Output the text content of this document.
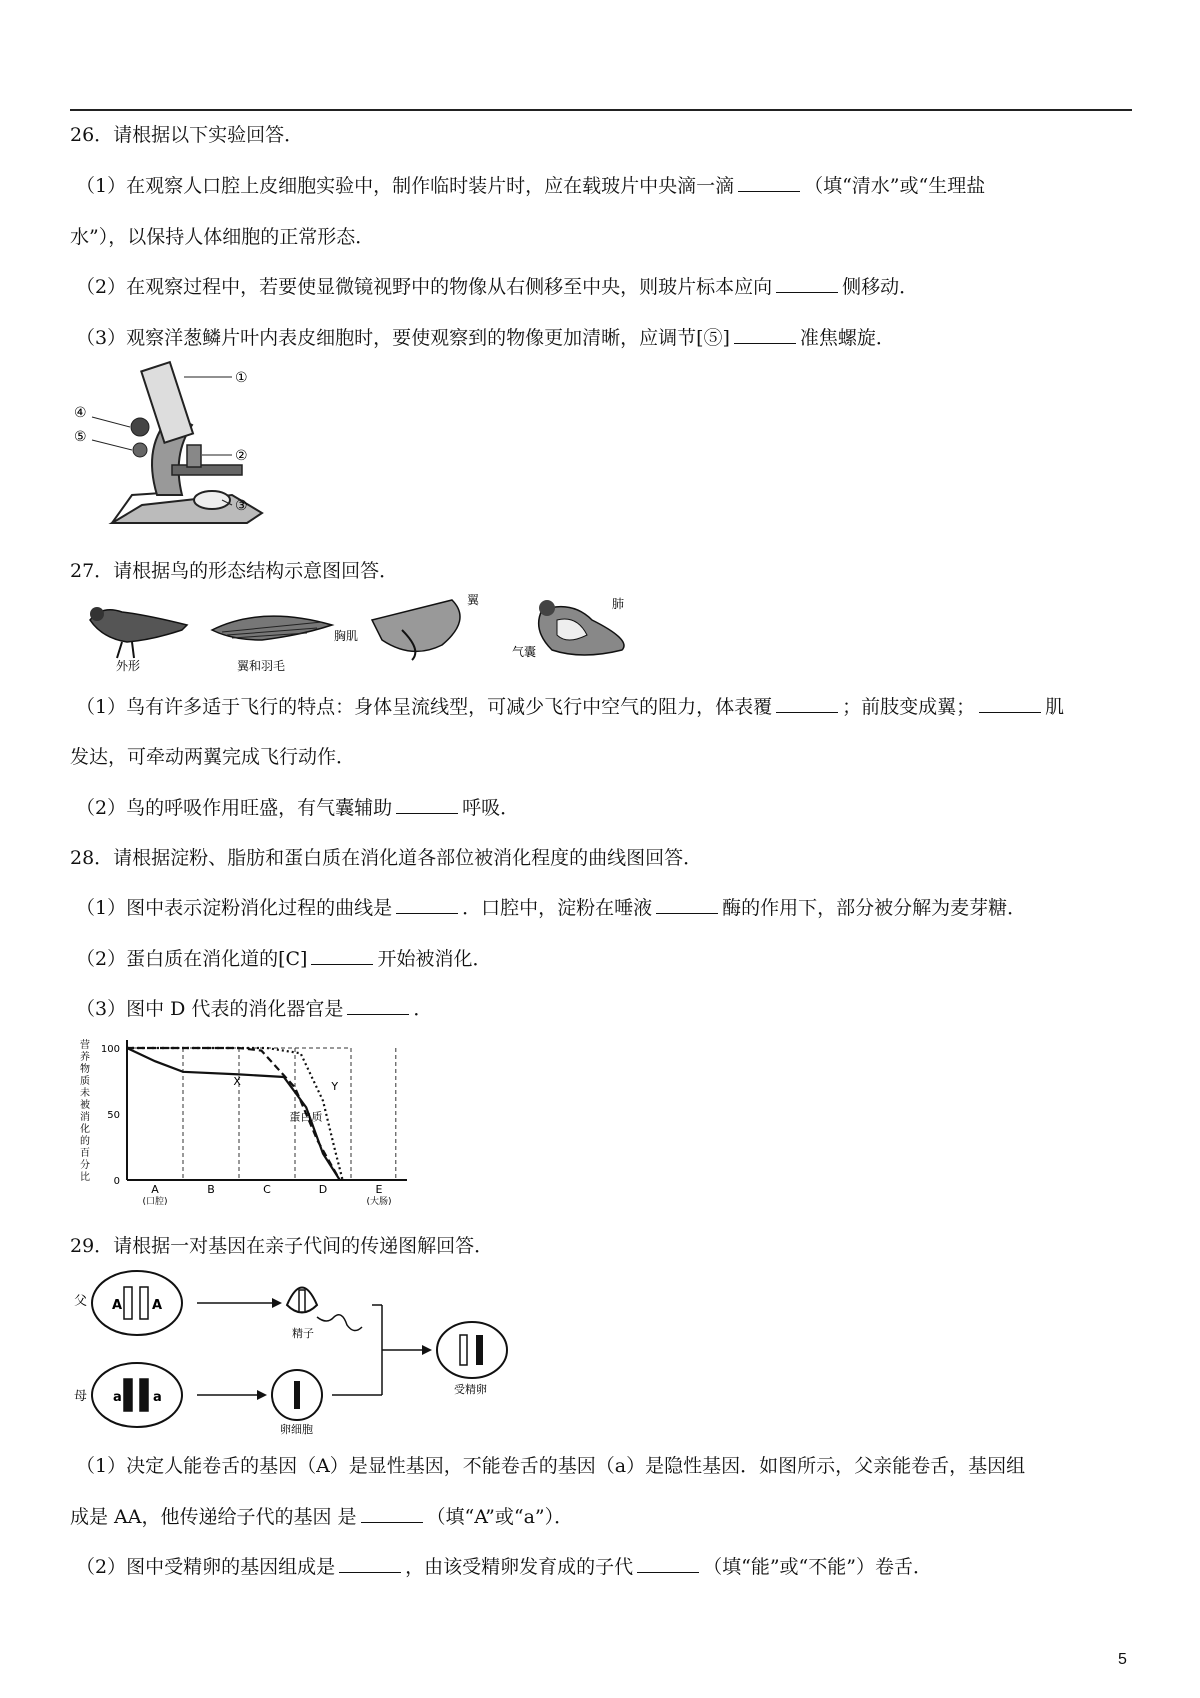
26．请根据以下实验回答．
（1）在观察人口腔上皮细胞实验中，制作临时装片时，应在载玻片中央滴一滴	（填“清水”或“生理盐
水”），以保持人体细胞的正常形态．
（2）在观察过程中，若要使显微镜视野中的物像从右侧移至中央，则玻片标本应向	侧移动．
（3）观察洋葱鳞片叶内表皮细胞时，要使观察到的物像更加清晰，应调节[⑤]	准焦螺旋．
①
②
③
④
⑤
27．请根据鸟的形态结构示意图回答．
外形	翼和羽毛
胸肌
翼
气囊
肺
（1）鸟有许多适于飞行的特点：身体呈流线型，可减少飞行中空气的阻力，体表覆	；前肢变成翼；	肌
发达，可牵动两翼完成飞行动作．
（2）鸟的呼吸作用旺盛，有气囊辅助	呼吸．
28．请根据淀粉、脂肪和蛋白质在消化道各部位被消化程度的曲线图回答．
（1）图中表示淀粉消化过程的曲线是	．口腔中，淀粉在唾液	酶的作用下，部分被分解为麦芽糖．
（2）蛋白质在消化道的[C]	开始被消化．
（3）图中 D 代表的消化器官是	．
营
养
物
质
未
被
消
化
的
百
分
比 0
50
100
A
(口腔)
B	C	D	E
(大肠)
X
蛋白质
Y
29．请根据一对基因在亲子代间的传递图解回答．
父
母
A A
a a
精子
卵细胞
受精卵
（1）决定人能卷舌的基因（A）是显性基因，不能卷舌的基因（a）是隐性基因．如图所示，父亲能卷舌，基因组
成是 AA，他传递给子代的基因 是	（填“A”或“a”）．
（2）图中受精卵的基因组成是	，由该受精卵发育成的子代	（填“能”或“不能”）卷舌．
5
